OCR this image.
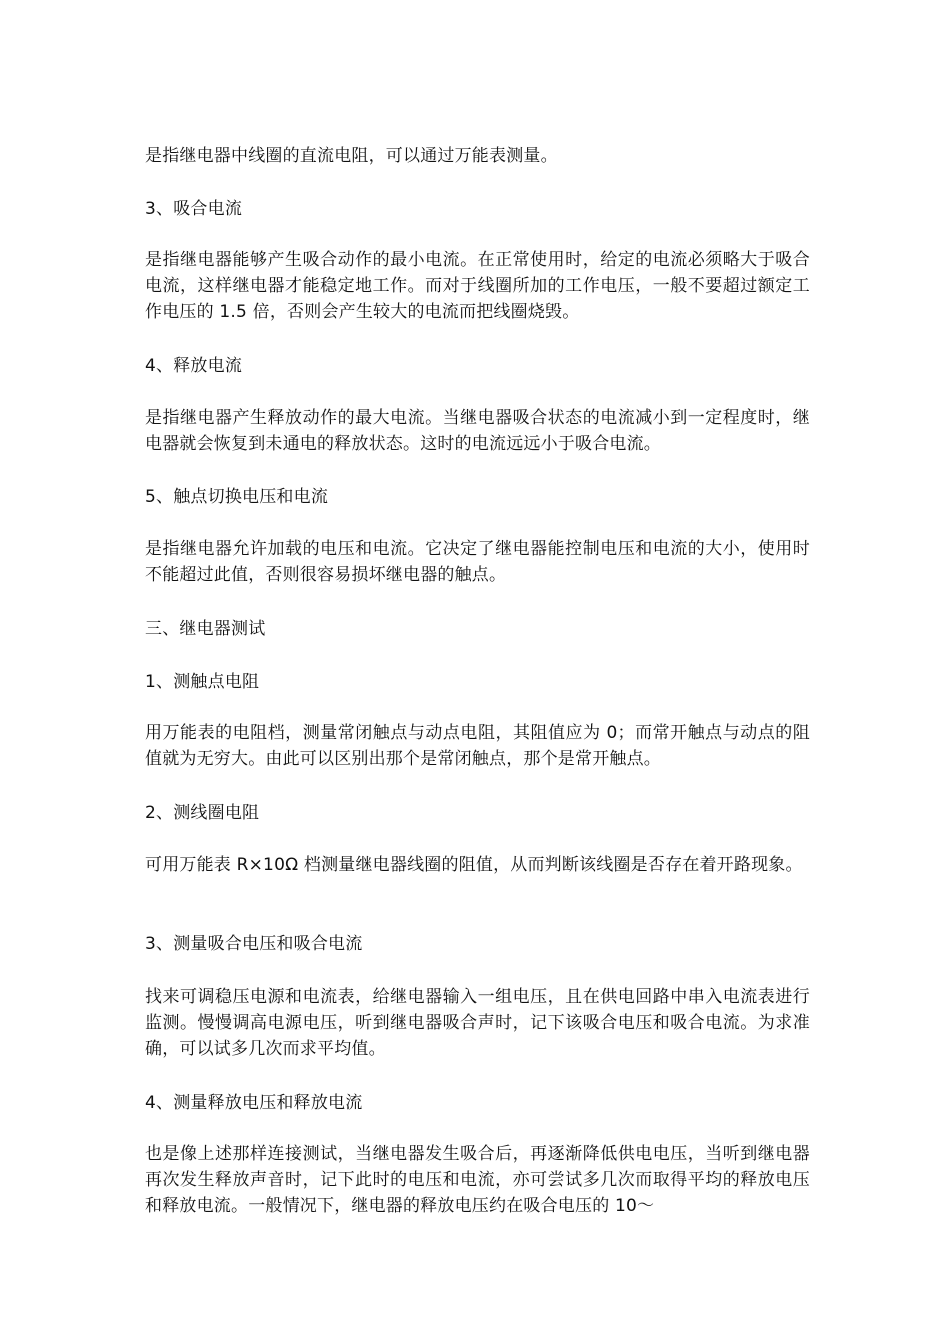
是指继电器中线圈的直流电阻，可以通过万能表测量。

3、吸合电流

是指继电器能够产生吸合动作的最小电流。在正常使用时，给定的电流必须略大于吸合电流，这样继电器才能稳定地工作。而对于线圈所加的工作电压，一般不要超过额定工作电压的 1.5 倍，否则会产生较大的电流而把线圈烧毁。

4、释放电流

是指继电器产生释放动作的最大电流。当继电器吸合状态的电流减小到一定程度时，继电器就会恢复到未通电的释放状态。这时的电流远远小于吸合电流。

5、触点切换电压和电流

是指继电器允许加载的电压和电流。它决定了继电器能控制电压和电流的大小，使用时不能超过此值，否则很容易损坏继电器的触点。

三、继电器测试

1、测触点电阻

用万能表的电阻档，测量常闭触点与动点电阻，其阻值应为 0；而常开触点与动点的阻值就为无穷大。由此可以区别出那个是常闭触点，那个是常开触点。

2、测线圈电阻

可用万能表 R×10Ω 档测量继电器线圈的阻值，从而判断该线圈是否存在着开路现象。

3、测量吸合电压和吸合电流

找来可调稳压电源和电流表，给继电器输入一组电压，且在供电回路中串入电流表进行监测。慢慢调高电源电压，听到继电器吸合声时，记下该吸合电压和吸合电流。为求准确，可以试多几次而求平均值。

4、测量释放电压和释放电流

也是像上述那样连接测试，当继电器发生吸合后，再逐渐降低供电电压，当听到继电器再次发生释放声音时，记下此时的电压和电流，亦可尝试多几次而取得平均的释放电压和释放电流。一般情况下，继电器的释放电压约在吸合电压的 10～
